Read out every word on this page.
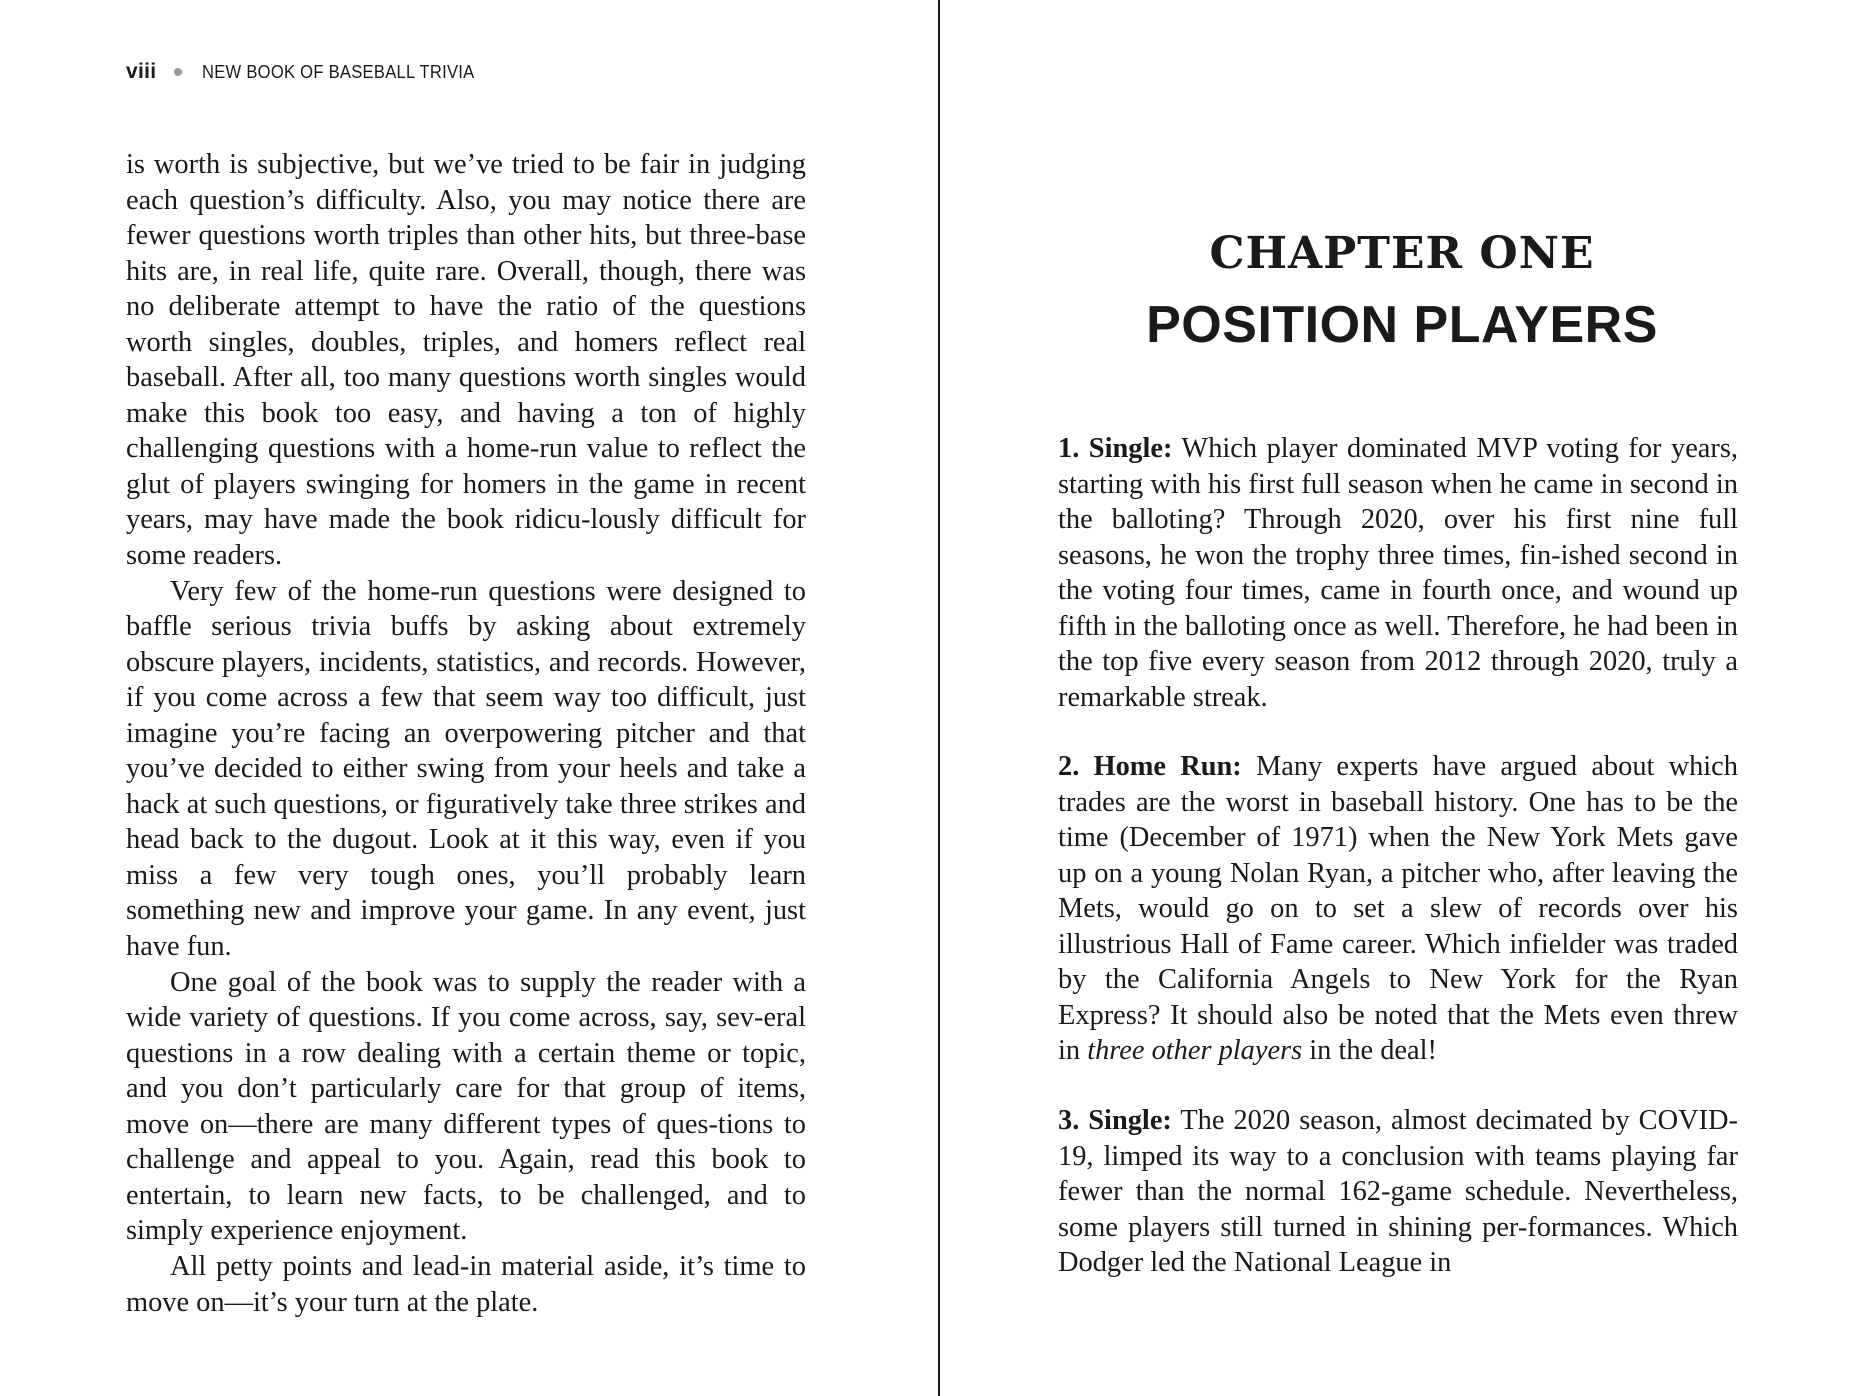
viii	NEW BOOK OF BASEBALL TRIVIA

is worth is subjective, but we’ve tried to be fair in judging each question’s difficulty. Also, you may notice there are fewer questions worth triples than other hits, but three-base hits are, in real life, quite rare. Overall, though, there was no deliberate attempt to have the ratio of the questions worth singles, doubles, triples, and homers reflect real baseball. After all, too many questions worth singles would make this book too easy, and having a ton of highly challenging questions with a home-run value to reflect the glut of players swinging for homers in the game in recent years, may have made the book ridicu-lously difficult for some readers.

Very few of the home-run questions were designed to baffle serious trivia buffs by asking about extremely obscure players, incidents, statistics, and records. However, if you come across a few that seem way too difficult, just imagine you’re facing an overpowering pitcher and that you’ve decided to either swing from your heels and take a hack at such questions, or figuratively take three strikes and head back to the dugout. Look at it this way, even if you miss a few very tough ones, you’ll probably learn something new and improve your game. In any event, just have fun.

One goal of the book was to supply the reader with a wide variety of questions. If you come across, say, sev-eral questions in a row dealing with a certain theme or topic, and you don’t particularly care for that group of items, move on—there are many different types of ques-tions to challenge and appeal to you. Again, read this book to entertain, to learn new facts, to be challenged, and to simply experience enjoyment.

All petty points and lead-in material aside, it’s time to move on—it’s your turn at the plate.

CHAPTER ONE
POSITION PLAYERS

1. Single: Which player dominated MVP voting for years, starting with his first full season when he came in second in the balloting? Through 2020, over his first nine full seasons, he won the trophy three times, fin-ished second in the voting four times, came in fourth once, and wound up fifth in the balloting once as well. Therefore, he had been in the top five every season from 2012 through 2020, truly a remarkable streak.

2. Home Run: Many experts have argued about which trades are the worst in baseball history. One has to be the time (December of 1971) when the New York Mets gave up on a young Nolan Ryan, a pitcher who, after leaving the Mets, would go on to set a slew of records over his illustrious Hall of Fame career. Which infielder was traded by the California Angels to New York for the Ryan Express? It should also be noted that the Mets even threw in three other players in the deal!

3. Single: The 2020 season, almost decimated by COVID-19, limped its way to a conclusion with teams playing far fewer than the normal 162-game schedule. Nevertheless, some players still turned in shining per-formances. Which Dodger led the National League in
